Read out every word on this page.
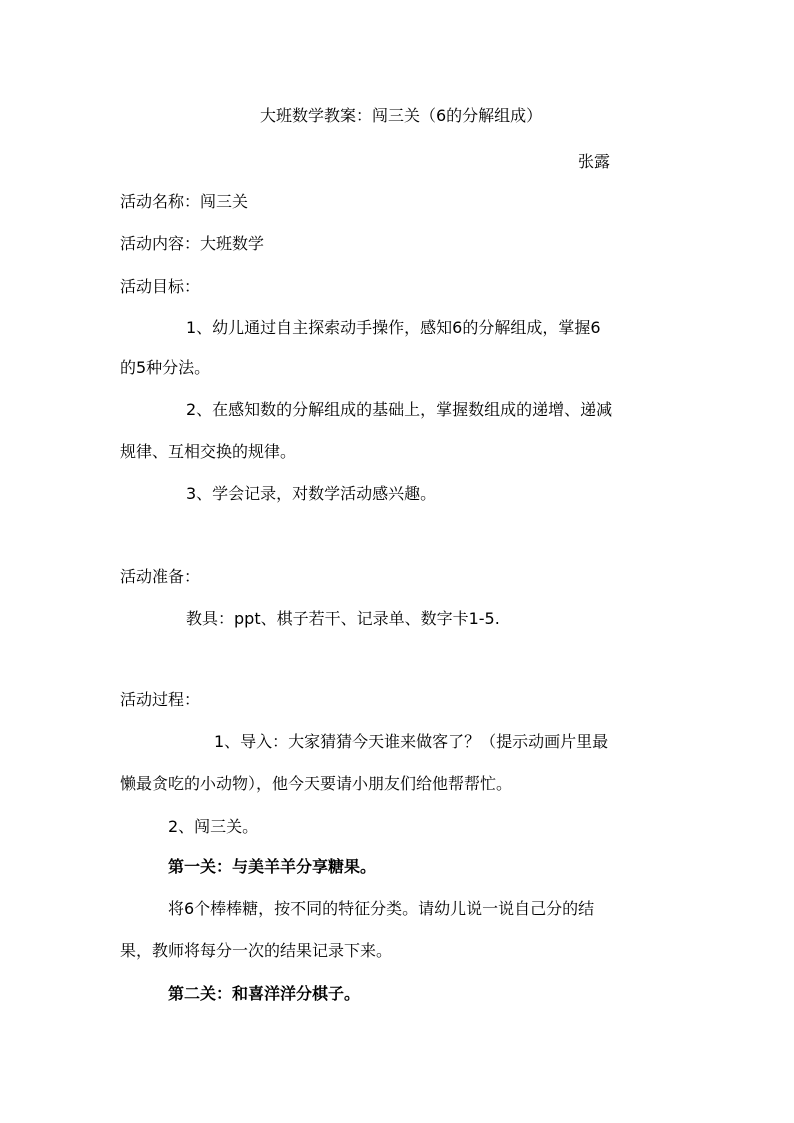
大班数学教案：闯三关（6的分解组成）
张露
活动名称：闯三关
活动内容：大班数学
活动目标：
1、幼儿通过自主探索动手操作，感知6的分解组成，掌握6
的5种分法。
2、在感知数的分解组成的基础上，掌握数组成的递增、递减
规律、互相交换的规律。
3、学会记录，对数学活动感兴趣。
活动准备：
教具：ppt、棋子若干、记录单、数字卡1-5.
活动过程：
1、导入：大家猜猜今天谁来做客了？（提示动画片里最
懒最贪吃的小动物），他今天要请小朋友们给他帮帮忙。
2、闯三关。
第一关：与美羊羊分享糖果。
将6个棒棒糖，按不同的特征分类。请幼儿说一说自己分的结
果，教师将每分一次的结果记录下来。
第二关：和喜洋洋分棋子。
